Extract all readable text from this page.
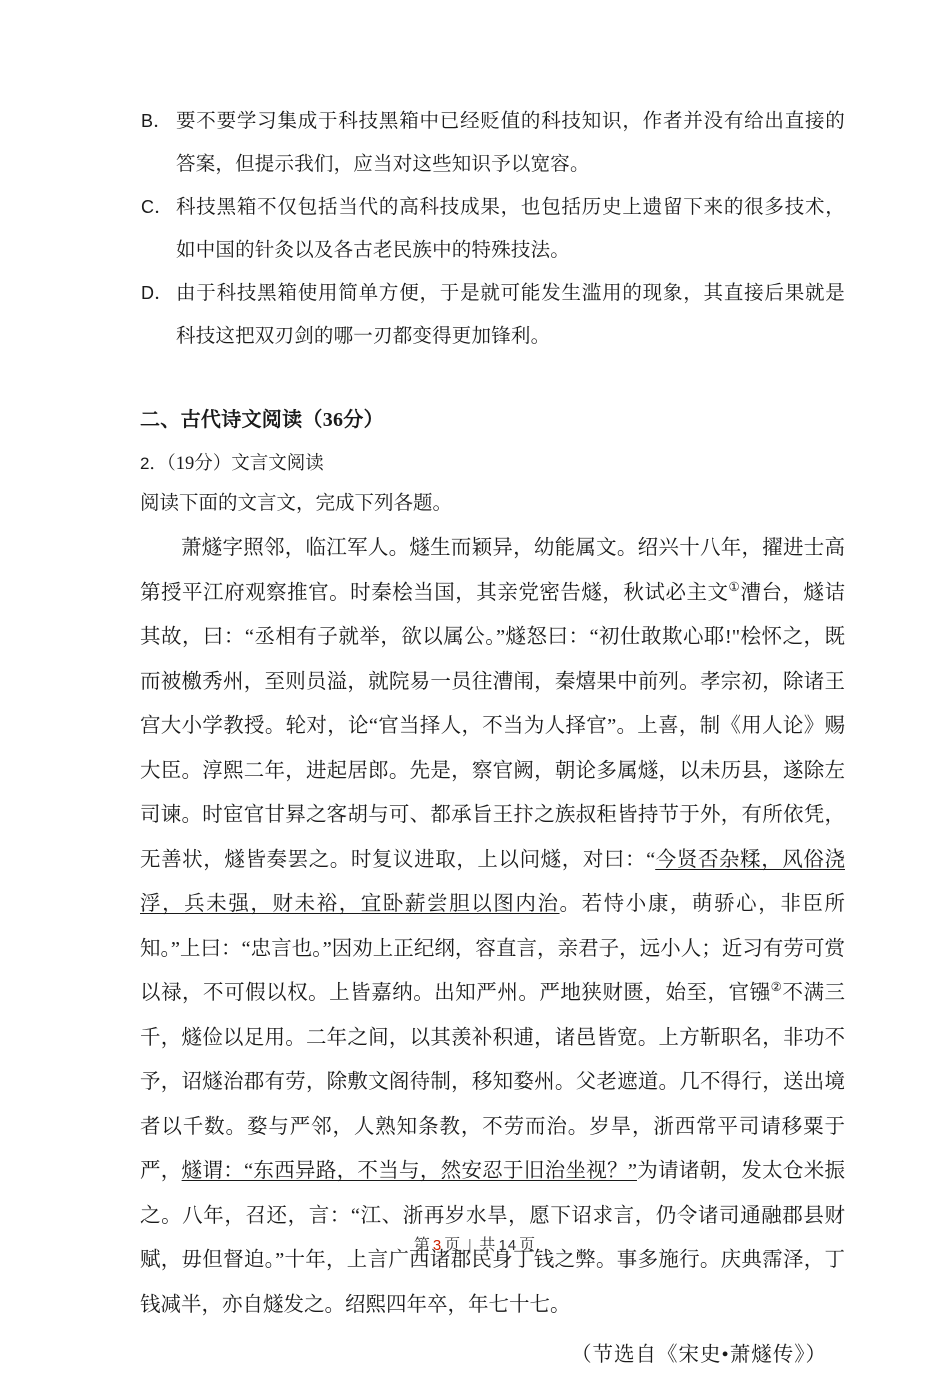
B． 要不要学习集成于科技黑箱中已经贬值的科技知识，作者并没有给出直接的答案，但提示我们，应当对这些知识予以宽容。
C． 科技黑箱不仅包括当代的高科技成果，也包括历史上遗留下来的很多技术，如中国的针灸以及各古老民族中的特殊技法。
D． 由于科技黑箱使用简单方便，于是就可能发生滥用的现象，其直接后果就是科技这把双刃剑的哪一刃都变得更加锋利。
二、古代诗文阅读（36分）
2．（19分）文言文阅读
阅读下面的文言文，完成下列各题。
萧燧字照邻，临江军人。燧生而颖异，幼能属文。绍兴十八年，擢进士高第授平江府观察推官。时秦桧当国，其亲党密告燧，秋试必主文①漕台，燧诘其故，曰：“丞相有子就举，欲以属公。”燧怒曰：“初仕敢欺心耶!"桧怀之，既而被檄秀州，至则员溢，就院易一员往漕闱，秦熺果中前列。孝宗初，除诸王宫大小学教授。轮对，论“官当择人，不当为人择官”。上喜，制《用人论》赐大臣。淳熙二年，进起居郎。先是，察官阙，朝论多属燧，以未历县，遂除左司谏。时宦官甘昪之客胡与可、都承旨王抃之族叔秬皆持节于外，有所依凭，无善状，燧皆奏罢之。时复议进取，上以问燧，对曰：“今贤否杂糅，风俗浇浮，兵未强，财未裕，宜卧薪尝胆以图内治。若恃小康，萌骄心，非臣所知。”上曰：“忠言也。”因劝上正纪纲，容直言，亲君子，远小人；近习有劳可赏以禄，不可假以权。上皆嘉纳。出知严州。严地狭财匮，始至，官镪②不满三千，燧俭以足用。二年之间，以其羡补积逋，诸邑皆宽。上方靳职名，非功不予，诏燧治郡有劳，除敷文阁待制，移知婺州。父老遮道。几不得行，送出境者以千数。婺与严邻，人熟知条教，不劳而治。岁旱，浙西常平司请移粟于严，燧谓：“东西异路，不当与，然安忍于旧治坐视？”为请诸朝，发太仓米振之。八年，召还，言：“江、浙再岁水旱，愿下诏求言，仍令诸司通融郡县财赋，毋但督迫。”十年，上言广西诸郡民身丁钱之弊。事多施行。庆典霈泽，丁钱减半，亦自燧发之。绍熙四年卒，年七十七。
（节选自《宋史•萧燧传》）
第 3 页 | 共 14 页
